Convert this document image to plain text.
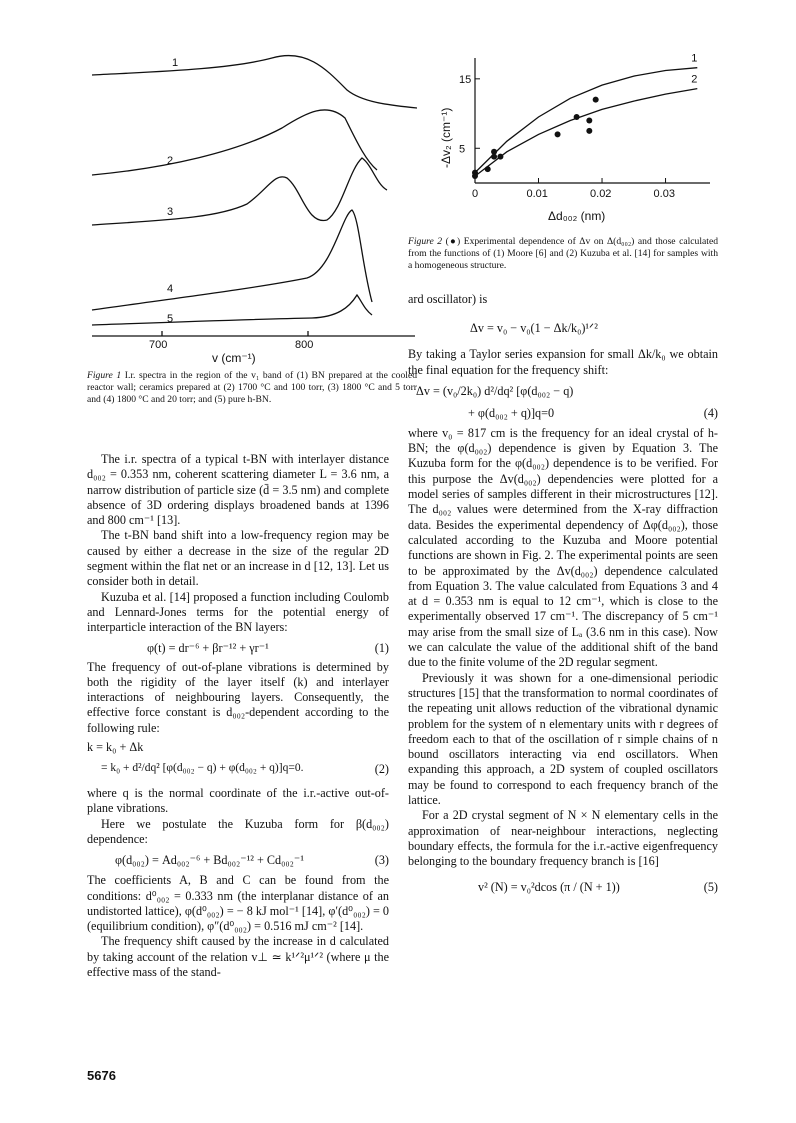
1
2
3
4
5
700	800
v (cm⁻¹)
Figure 1 I.r. spectra in the region of the v₁ band of (1) BN prepared at the cooled reactor wall; ceramics prepared at (2) 1700 °C and 100 torr, (3) 1800 °C and 5 torr and (4) 1800 °C and 20 torr; and (5) pure h-BN.
0	0.01	0.02	0.03
5
15
1
2
-Δv₂ (cm⁻¹)
Δd₀₀₂ (nm)
Figure 2 (●) Experimental dependence of Δv on Δ(d₀₀₂) and those calculated from the functions of (1) Moore [6] and (2) Kuzuba et al. [14] for samples with a homogeneous structure.

The i.r. spectra of a typical t-BN with interlayer distance d₀₀₂ = 0.353 nm, coherent scattering diameter L = 3.6 nm, a narrow distribution of particle size (d̄ = 3.5 nm) and complete absence of 3D ordering displays broadened bands at 1396 and 800 cm⁻¹ [13].

The t-BN band shift into a low-frequency region may be caused by either a decrease in the size of the regular 2D segment within the flat net or an increase in d [12, 13]. Let us consider both in detail.

Kuzuba et al. [14] proposed a function including Coulomb and Lennard-Jones terms for the potential energy of interparticle interaction of the BN layers:

φ(t) = dr⁻⁶ + βr⁻¹² + γr⁻¹	(1)

The frequency of out-of-plane vibrations is determined by both the rigidity of the layer itself (k) and interlayer interactions of neighbouring layers. Consequently, the effective force constant is d₀₀₂-dependent according to the following rule:

k = k₀ + Δk
= k₀ + d²/dq² [φ(d₀₀₂ − q) + φ(d₀₀₂ + q)]q=0.	(2)

where q is the normal coordinate of the i.r.-active out-of-plane vibrations.

Here we postulate the Kuzuba form for β(d₀₀₂) dependence:

φ(d₀₀₂) = Ad₀₀₂⁻⁶ + Bd₀₀₂⁻¹² + Cd₀₀₂⁻¹	(3)

The coefficients A, B and C can be found from the conditions: d⁰₀₀₂ = 0.333 nm (the interplanar distance of an undistorted lattice), φ(d⁰₀₀₂) = − 8 kJ mol⁻¹ [14], φ′(d⁰₀₀₂) = 0 (equilibrium condition), φ″(d⁰₀₀₂) = 0.516 mJ cm⁻² [14].

The frequency shift caused by the increase in d calculated by taking account of the relation v⊥ ≃ k¹ᐟ²μ¹ᐟ² (where μ the effective mass of the stand-

ard oscillator) is

Δv = v₀ − v₀(1 − Δk/k₀)¹ᐟ²

By taking a Taylor series expansion for small Δk/k₀ we obtain the final equation for the frequency shift:

Δv = (v₀/2k₀) d²/dq² [φ(d₀₀₂ − q)
+ φ(d₀₀₂ + q)]q=0	(4)

where v₀ = 817 cm is the frequency for an ideal crystal of h-BN; the φ(d₀₀₂) dependence is given by Equation 3. The Kuzuba form for the φ(d₀₀₂) dependence is to be verified. For this purpose the Δv(d₀₀₂) dependencies were plotted for a model series of samples different in their microstructures [12]. The d₀₀₂ values were determined from the X-ray diffraction data. Besides the experimental dependency of Δφ(d₀₀₂), those calculated according to the Kuzuba and Moore potential functions are shown in Fig. 2. The experimental points are seen to be approximated by the Δv(d₀₀₂) dependence calculated from Equation 3. The value calculated from Equations 3 and 4 at d = 0.353 nm is equal to 12 cm⁻¹, which is close to the experimentally observed 17 cm⁻¹. The discrepancy of 5 cm⁻¹ may arise from the small size of Lₐ (3.6 nm in this case). Now we can calculate the value of the additional shift of the band due to the finite volume of the 2D regular segment.

Previously it was shown for a one-dimensional periodic structures [15] that the transformation to normal coordinates of the repeating unit allows reduction of the vibrational dynamic problem for the system of n elementary units with r degrees of freedom each to that of the oscillation of r simple chains of n bound oscillators interacting via end oscillators. When expanding this approach, a 2D system of coupled oscillators may be found to correspond to each frequency branch of the lattice.

For a 2D crystal segment of N × N elementary cells in the approximation of near-neighbour interactions, neglecting boundary effects, the formula for the i.r.-active eigenfrequency belonging to the boundary frequency branch is [16]

v² (N) = v₀²dcos (π / (N + 1))	(5)
5676
